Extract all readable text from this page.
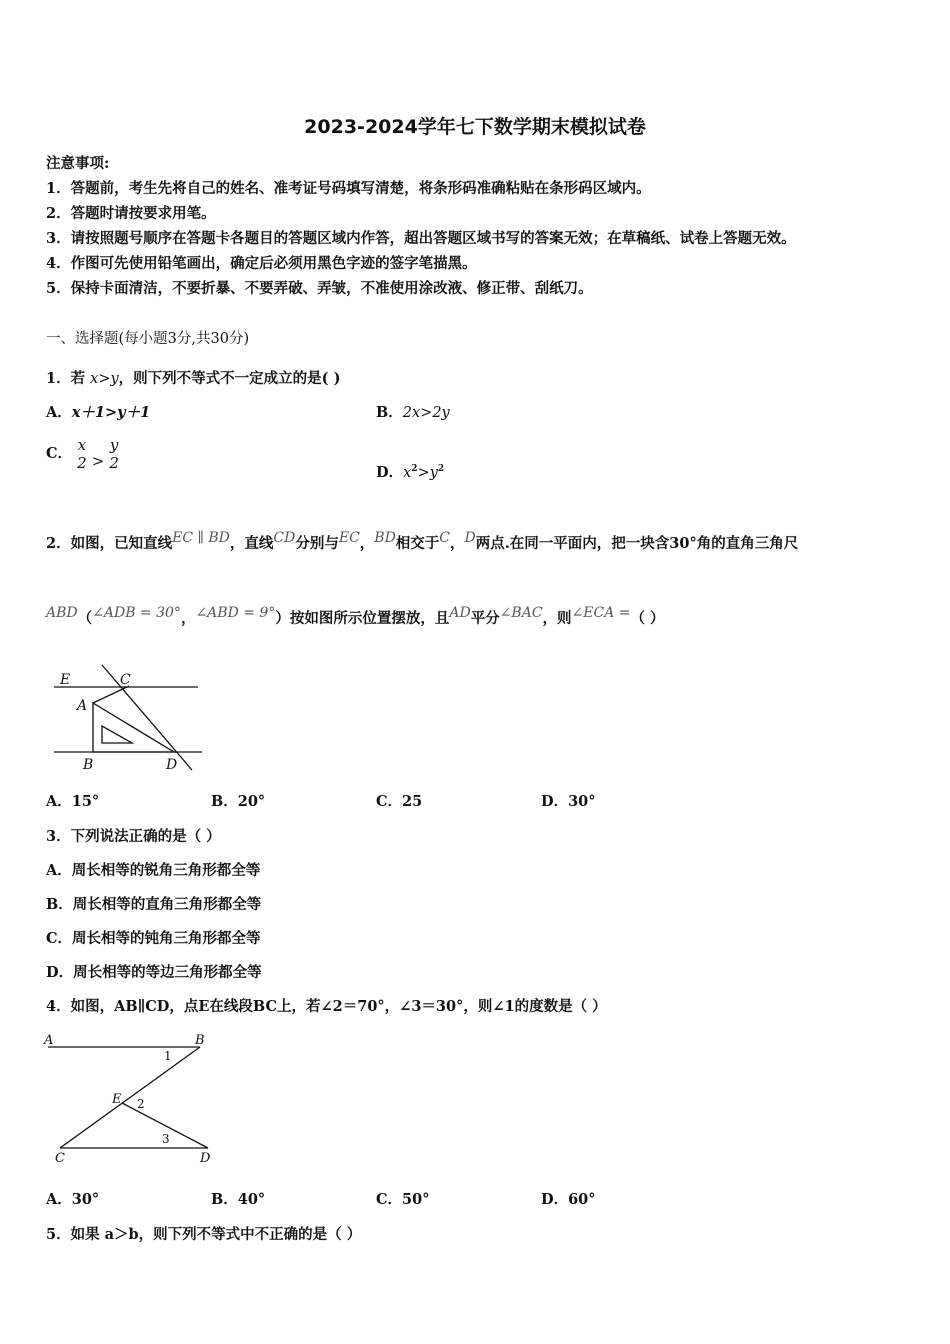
2023-2024学年七下数学期末模拟试卷
注意事项:
1．答题前，考生先将自己的姓名、准考证号码填写清楚，将条形码准确粘贴在条形码区域内。
2．答题时请按要求用笔。
3．请按照题号顺序在答题卡各题目的答题区域内作答，超出答题区域书写的答案无效；在草稿纸、试卷上答题无效。
4．作图可先使用铅笔画出，确定后必须用黑色字迹的签字笔描黑。
5．保持卡面清洁，不要折暴、不要弄破、弄皱，不准使用涂改液、修正带、刮纸刀。
一、选择题(每小题3分,共30分)
1．若 x>y，则下列不等式不一定成立的是( )
A．x＋1>y＋1	B．2x>2y
C． x
2 >
y
2
D．$x^2>y^2$
2．如图，已知直线EC ∥ BD，直线CD分别与EC，BD相交于C，D两点.在同一平面内，把一块含30°角的直角三角尺
ABD（∠ADB = 30°，∠ABD = 9°）按如图所示位置摆放，且AD平分∠BAC，则∠ECA =（ ）
E	C
A
B	D
A．15°	B．20°	C．25	D．30°
3．下列说法正确的是（ ）
A．周长相等的锐角三角形都全等
B．周长相等的直角三角形都全等
C．周长相等的钝角三角形都全等
D．周长相等的等边三角形都全等
4．如图，AB∥CD，点E在线段BC上，若∠2＝70°，∠3＝30°，则∠1的度数是（ ）
A	B
E
C	D
1
2
3
A．30°	B．40°	C．50°	D．60°
5．如果 a＞b，则下列不等式中不正确的是（ ）
